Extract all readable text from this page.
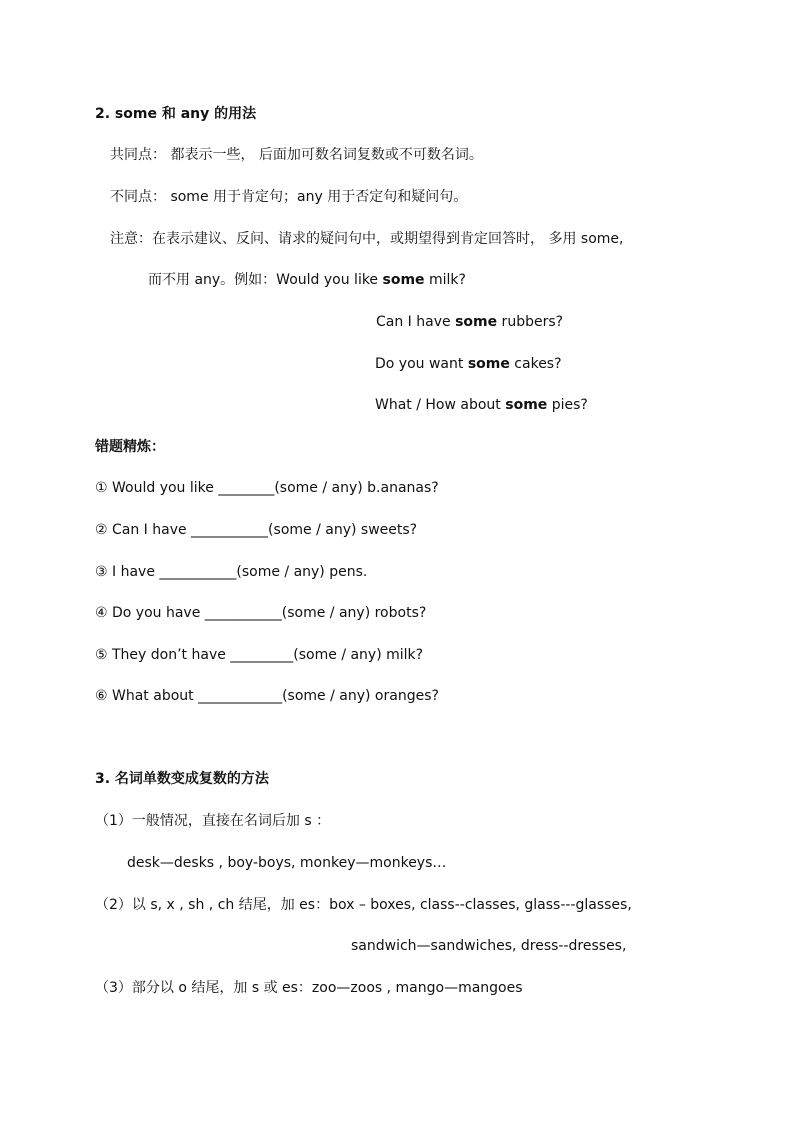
2. some 和 any 的用法
共同点： 都表示一些， 后面加可数名词复数或不可数名词。
不同点： some 用于肯定句；any 用于否定句和疑问句。
注意：在表示建议、反问、请求的疑问句中，或期望得到肯定回答时， 多用 some,
而不用 any。例如：Would you like some milk?
Can I have some rubbers?
Do you want some cakes?
What / How about some pies?
错题精炼：
① Would you like ________(some / any) b.ananas?
② Can I have ___________(some / any) sweets?
③ I have ___________(some / any) pens.
④ Do you have ___________(some / any) robots?
⑤ They don’t have _________(some / any) milk?
⑥ What about ____________(some / any) oranges?
3. 名词单数变成复数的方法
（1）一般情况，直接在名词后加 s ：
desk—desks , boy-boys, monkey—monkeys…
（2）以 s, x , sh , ch 结尾，加 es：box – boxes, class--classes, glass---glasses,
sandwich—sandwiches, dress--dresses,
（3）部分以 o 结尾，加 s 或 es：zoo—zoos , mango—mangoes
